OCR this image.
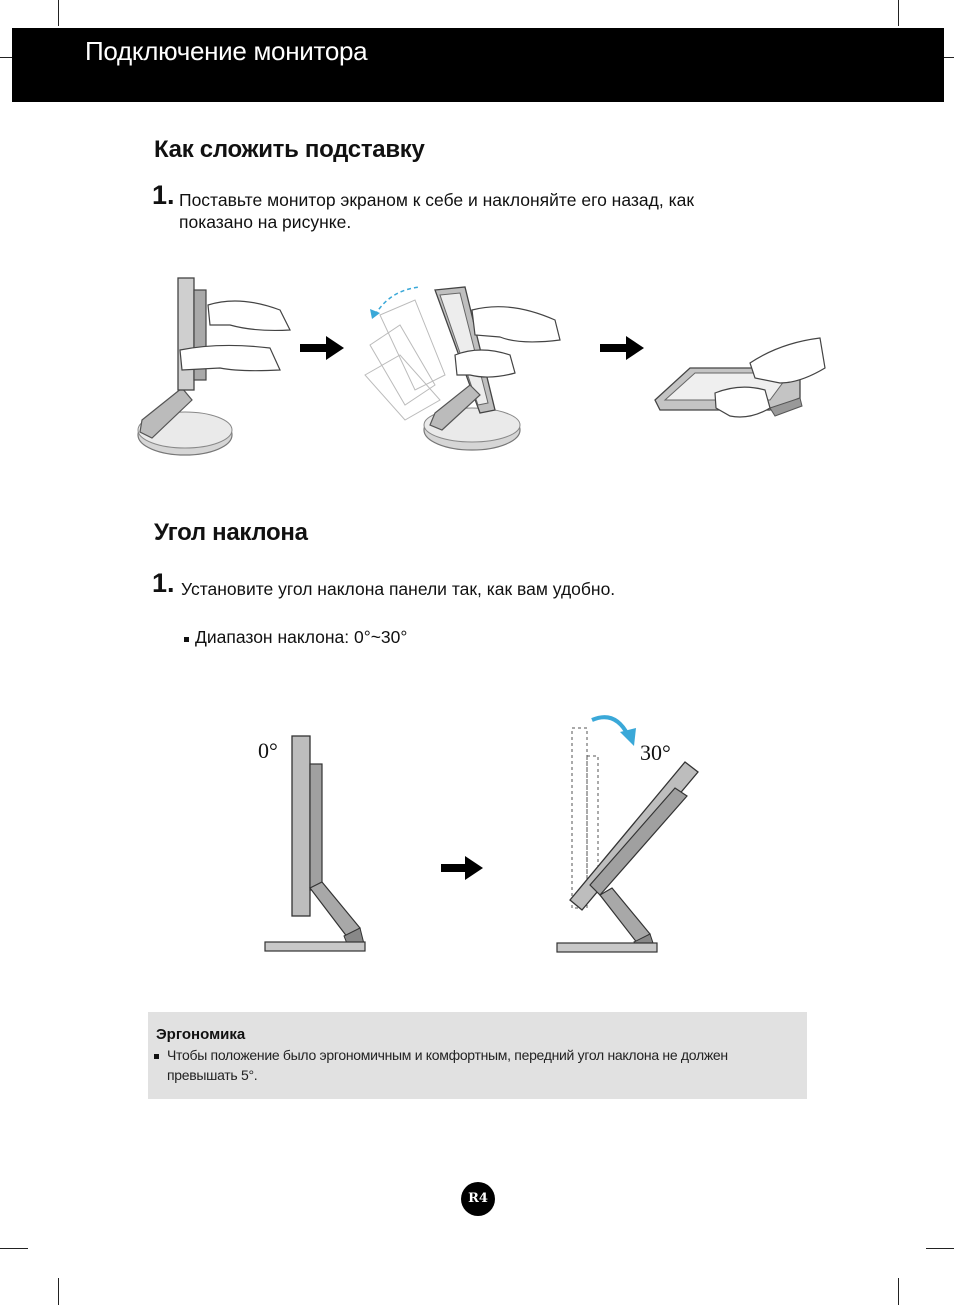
Подключение монитора
Как сложить подставку
1. Поставьте монитор экраном к себе и наклоняйте его назад, как
показано на рисунке.
Угол наклона
1. Установите угол наклона панели так, как вам удобно.
Диапазон наклона: 0°~30°
0°	30°
Эргономика
Чтобы положение было эргономичным и комфортным, передний угол наклона не должен превышать 5°.
R4
